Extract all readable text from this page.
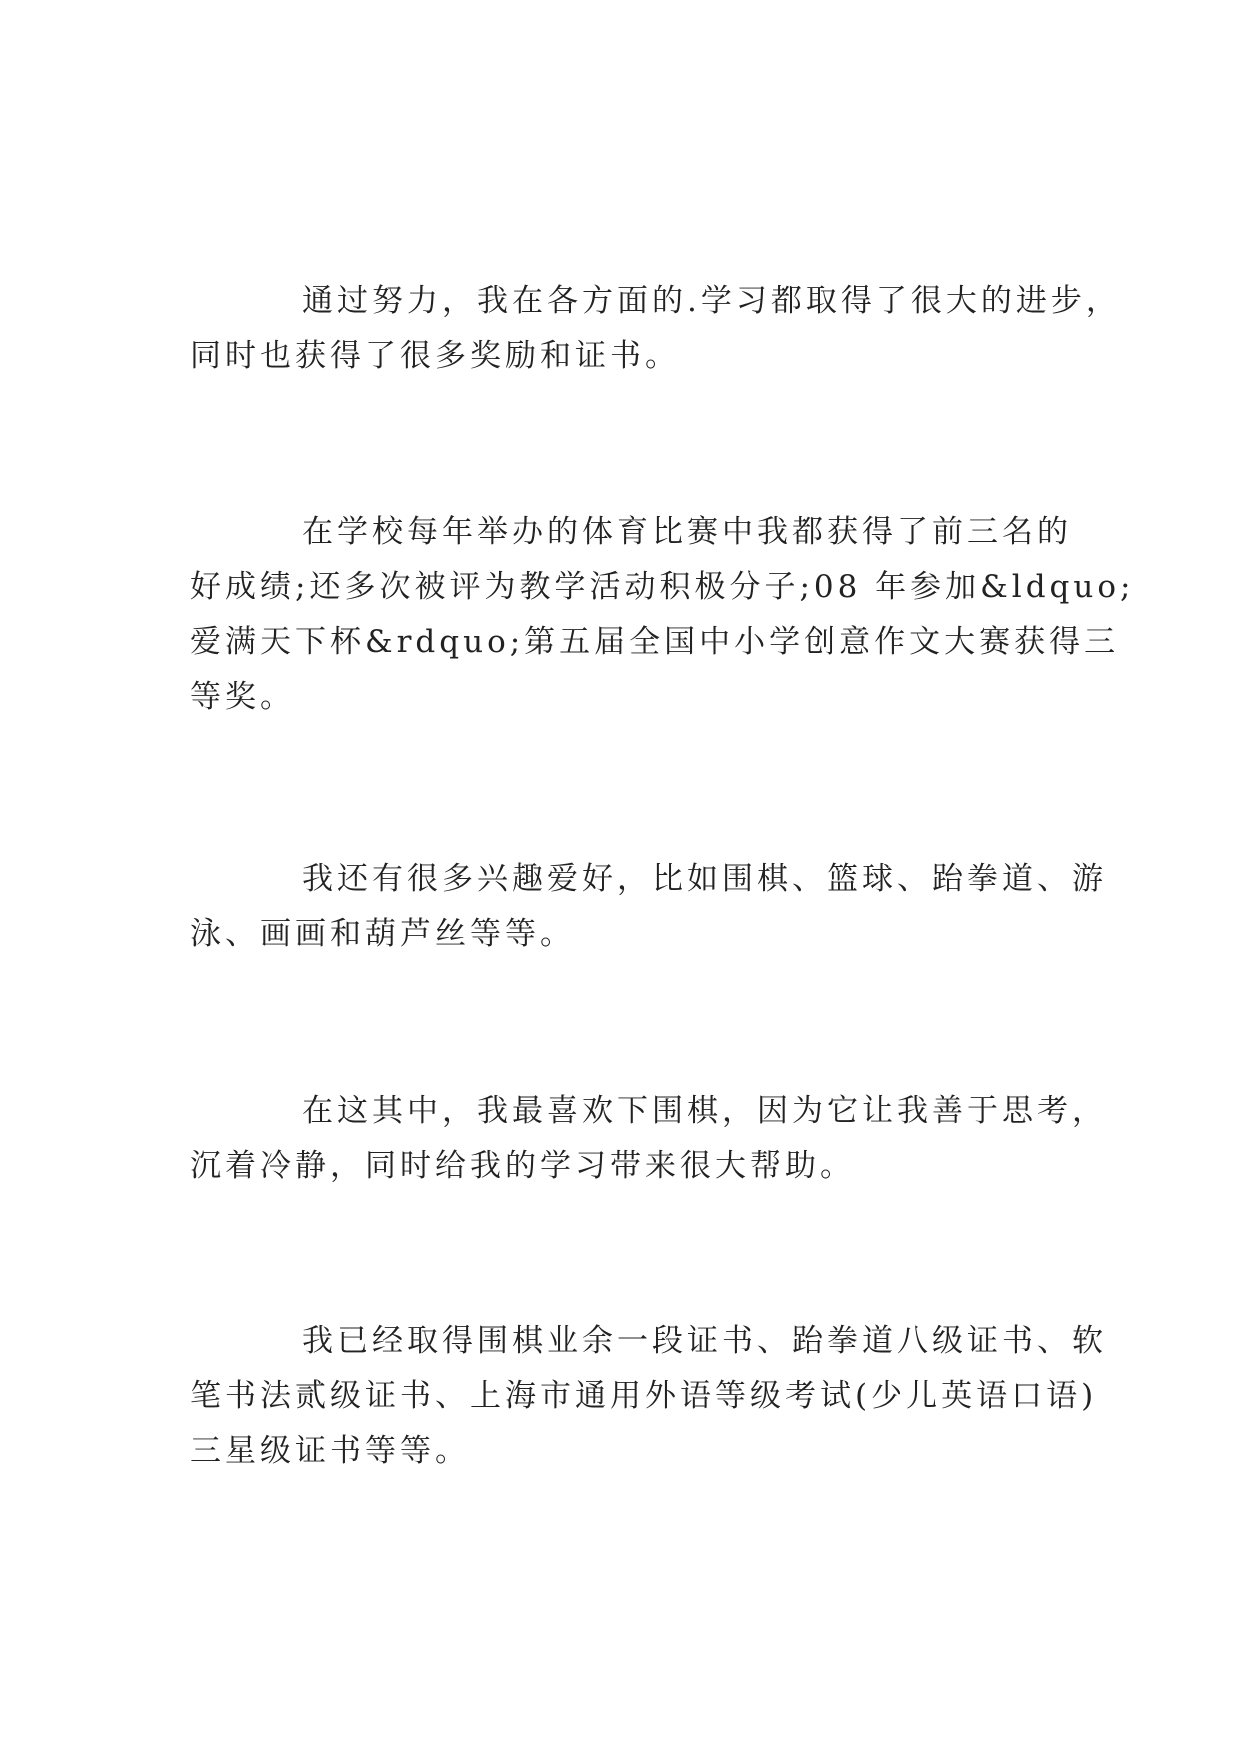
通过努力，我在各方面的.学习都取得了很大的进步，
同时也获得了很多奖励和证书。

在学校每年举办的体育比赛中我都获得了前三名的
好成绩;还多次被评为教学活动积极分子;08 年参加&ldquo;
爱满天下杯&rdquo;第五届全国中小学创意作文大赛获得三
等奖。

我还有很多兴趣爱好，比如围棋、篮球、跆拳道、游
泳、画画和葫芦丝等等。

在这其中，我最喜欢下围棋，因为它让我善于思考，
沉着冷静，同时给我的学习带来很大帮助。

我已经取得围棋业余一段证书、跆拳道八级证书、软
笔书法贰级证书、上海市通用外语等级考试(少儿英语口语)
三星级证书等等。
